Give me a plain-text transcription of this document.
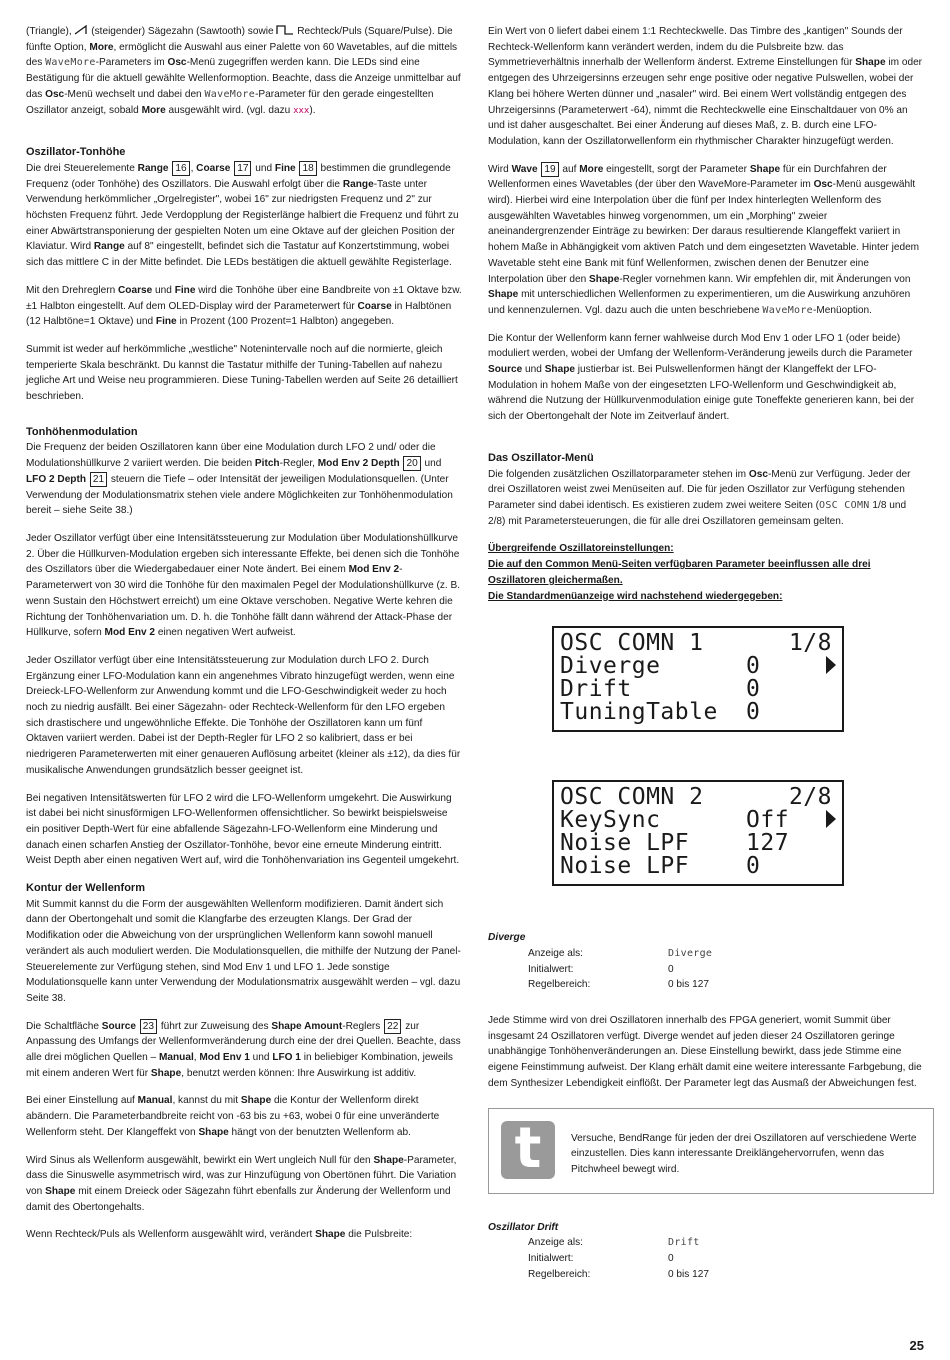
(Triangle),  (steigender) Sägezahn (Sawtooth) sowie  Rechteck/Puls (Square/Pulse). Die fünfte Option, More, ermöglicht die Auswahl aus einer Palette von 60 Wavetables, auf die mittels des WaveMore-Parameters im Osc-Menü zugegriffen werden kann. Die LEDs sind eine Bestätigung für die aktuell gewählte Wellenformoption. Beachte, dass die Anzeige unmittelbar auf das Osc-Menü wechselt und dabei den WaveMore-Parameter für den gerade eingestellten Oszillator anzeigt, sobald More ausgewählt wird. (vgl. dazu xxx).

Oszillator-Tonhöhe

Die drei Steuerelemente Range 16 , Coarse 17 und Fine 18 bestimmen die grundlegende Frequenz (oder Tonhöhe) des Oszillators. Die Auswahl erfolgt über die Range-Taste unter Verwendung herkömmlicher „Orgelregister", wobei 16" zur niedrigsten Frequenz und 2" zur höchsten Frequenz führt. Jede Verdopplung der Registerlänge halbiert die Frequenz und führt zu einer Abwärtstransponierung der gespielten Noten um eine Oktave auf der gleichen Position der Klaviatur. Wird Range auf 8" eingestellt, befindet sich die Tastatur auf Konzertstimmung, wobei sich das mittlere C in der Mitte befindet. Die LEDs bestätigen die aktuell gewählte Registerlage.

Mit den Drehreglern Coarse und Fine wird die Tonhöhe über eine Bandbreite von ±1 Oktave bzw. ±1 Halbton eingestellt. Auf dem OLED-Display wird der Parameterwert für Coarse in Halbtönen (12 Halbtöne=1 Oktave) und Fine in Prozent (100 Prozent=1 Halbton) angegeben.

Summit ist weder auf herkömmliche „westliche" Notenintervalle noch auf die normierte, gleich temperierte Skala beschränkt. Du kannst die Tastatur mithilfe der Tuning-Tabellen auf nahezu jegliche Art und Weise neu programmieren. Diese Tuning-Tabellen werden auf Seite 26 detailliert beschrieben.

Tonhöhenmodulation

Die Frequenz der beiden Oszillatoren kann über eine Modulation durch LFO 2 und/ oder die Modulationshüllkurve 2 variiert werden. Die beiden Pitch-Regler, Mod Env 2 Depth 20 und LFO 2 Depth 21 steuern die Tiefe – oder Intensität der jeweiligen Modulationsquellen. (Unter Verwendung der Modulationsmatrix stehen viele andere Möglichkeiten zur Tonhöhenmodulation bereit – siehe Seite 38.)

Jeder Oszillator verfügt über eine Intensitätssteuerung zur Modulation über Modulationshüllkurve 2. Über die Hüllkurven-Modulation ergeben sich interessante Effekte, bei denen sich die Tonhöhe des Oszillators über die Wiedergabedauer einer Note ändert. Bei einem Mod Env 2-Parameterwert von 30 wird die Tonhöhe für den maximalen Pegel der Modulationshüllkurve (z. B. wenn Sustain den Höchstwert erreicht) um eine Oktave verschoben. Negative Werte kehren die Richtung der Tonhöhenvariation um. D. h. die Tonhöhe fällt dann während der Attack-Phase der Hüllkurve, sofern Mod Env 2 einen negativen Wert aufweist.

Jeder Oszillator verfügt über eine Intensitätssteuerung zur Modulation durch LFO 2. Durch Ergänzung einer LFO-Modulation kann ein angenehmes Vibrato hinzugefügt werden, wenn eine Dreieck-LFO-Wellenform zur Anwendung kommt und die LFO-Geschwindigkeit weder zu hoch noch zu niedrig ausfällt. Bei einer Sägezahn- oder Rechteck-Wellenform für den LFO ergeben sich drastischere und ungewöhnliche Effekte. Die Tonhöhe der Oszillatoren kann um fünf Oktaven variiert werden. Dabei ist der Depth-Regler für LFO 2 so kalibriert, dass er bei niedrigeren Parameterwerten mit einer genaueren Auflösung arbeitet (kleiner als ±12), da dies für musikalische Anwendungen grundsätzlich besser geeignet ist.

Bei negativen Intensitätswerten für LFO 2 wird die LFO-Wellenform umgekehrt. Die Auswirkung ist dabei bei nicht sinusförmigen LFO-Wellenformen offensichtlicher. So bewirkt beispielsweise ein positiver Depth-Wert für eine abfallende Sägezahn-LFO-Wellenform eine Minderung und danach einen scharfen Anstieg der Oszillator-Tonhöhe, bevor eine erneute Minderung eintritt. Weist Depth aber einen negativen Wert auf, wird die Tonhöhenvariation ins Gegenteil umgekehrt.

Kontur der Wellenform

Mit Summit kannst du die Form der ausgewählten Wellenform modifizieren. Damit ändert sich dann der Obertongehalt und somit die Klangfarbe des erzeugten Klangs. Der Grad der Modifikation oder die Abweichung von der ursprünglichen Wellenform kann sowohl manuell verändert als auch moduliert werden. Die Modulationsquellen, die mithilfe der Nutzung der Panel-Steuerelemente zur Verfügung stehen, sind Mod Env 1 und LFO 1. Jede sonstige Modulationsquelle kann unter Verwendung der Modulationsmatrix ausgewählt werden – vgl. dazu Seite 38.

Die Schaltfläche Source 23 führt zur Zuweisung des Shape Amount-Reglers 22 zur Anpassung des Umfangs der Wellenformveränderung durch eine der drei Quellen. Beachte, dass alle drei möglichen Quellen – Manual, Mod Env 1 und LFO 1 in beliebiger Kombination, jeweils mit einem anderen Wert für Shape, benutzt werden können: Ihre Auswirkung ist additiv.

Bei einer Einstellung auf Manual, kannst du mit Shape die Kontur der Wellenform direkt abändern. Die Parameterbandbreite reicht von -63 bis zu +63, wobei 0 für eine unveränderte Wellenform steht. Der Klangeffekt von Shape hängt von der benutzten Wellenform ab.

Wird Sinus als Wellenform ausgewählt, bewirkt ein Wert ungleich Null für den Shape-Parameter, dass die Sinuswelle asymmetrisch wird, was zur Hinzufügung von Obertönen führt. Die Variation von Shape mit einem Dreieck oder Sägezahn führt ebenfalls zur Änderung der Wellenform und damit des Obertongehalts.

Wenn Rechteck/Puls als Wellenform ausgewählt wird, verändert Shape die Pulsbreite:

Ein Wert von 0 liefert dabei einem 1:1 Rechteckwelle. Das Timbre des „kantigen" Sounds der Rechteck-Wellenform kann verändert werden, indem du die Pulsbreite bzw. das Symmetrieverhältnis innerhalb der Wellenform änderst. Extreme Einstellungen für Shape im oder entgegen des Uhrzeigersinns erzeugen sehr enge positive oder negative Pulswellen, wobei der Klang bei höhere Werten dünner und „nasaler" wird. Bei einem Wert vollständig entgegen des Uhrzeigersinns (Parameterwert -64), nimmt die Rechteckwelle eine Einschaltdauer von 0% an und ist daher ausgeschaltet. Bei einer Änderung auf dieses Maß, z. B. durch eine LFO-Modulation, kann der Oszillatorwellenform ein rhythmischer Charakter hinzugefügt werden.

Wird Wave 19 auf More eingestellt, sorgt der Parameter Shape für ein Durchfahren der Wellenformen eines Wavetables (der über den WaveMore-Parameter im Osc-Menü ausgewählt wird). Hierbei wird eine Interpolation über die fünf per Index hinterlegten Wellenform des ausgewählten Wavetables hinweg vorgenommen, um ein „Morphing" zweier aneinandergrenzender Einträge zu bewirken: Der daraus resultierende Klangeffekt variiert in hohem Maße in Abhängigkeit vom aktiven Patch und dem eingesetzten Wavetable. Hinter jedem Wavetable steht eine Bank mit fünf Wellenformen, zwischen denen der Benutzer eine Interpolation über den Shape-Regler vornehmen kann. Wir empfehlen dir, mit Änderungen von Shape mit unterschiedlichen Wellenformen zu experimentieren, um die Auswirkung anzuhören und kennenzulernen. Vgl. dazu auch die unten beschriebene WaveMore-Menüoption.

Die Kontur der Wellenform kann ferner wahlweise durch Mod Env 1 oder LFO 1 (oder beide) moduliert werden, wobei der Umfang der Wellenform-Veränderung jeweils durch die Parameter Source und Shape justierbar ist. Bei Pulswellenformen hängt der Klangeffekt der LFO-Modulation in hohem Maße von der eingesetzten LFO-Wellenform und Geschwindigkeit ab, während die Nutzung der Hüllkurvenmodulation einige gute Toneffekte generieren kann, bei der sich der Obertongehalt der Note im Zeitverlauf ändert.

Das Oszillator-Menü

Die folgenden zusätzlichen Oszillatorparameter stehen im Osc-Menü zur Verfügung. Jeder der drei Oszillatoren weist zwei Menüseiten auf. Die für jeden Oszillator zur Verfügung stehenden Parameter sind dabei identisch. Es existieren zudem zwei weitere Seiten (OSC COMN 1/8 und 2/8) mit Parametersteuerungen, die für alle drei Oszillatoren gemeinsam gelten.

Übergreifende Oszillatoreinstellungen:
Die auf den Common Menü-Seiten verfügbaren Parameter beeinflussen alle drei Oszillatoren gleichermaßen.
Die Standardmenüanzeige wird nachstehend wiedergegeben:
OSC COMN 1	1/8
Diverge	0
Drift	0
TuningTable 0
OSC COMN 2	2/8
KeySync	Off
Noise LPF 127
Noise LPF 0
Diverge
Anzeige als:	Diverge
Initialwert:	0
Regelbereich:	0 bis 127

Jede Stimme wird von drei Oszillatoren innerhalb des FPGA generiert, womit Summit über insgesamt 24 Oszillatoren verfügt. Diverge wendet auf jeden dieser 24 Oszillatoren geringe unabhängige Tonhöhenveränderungen an. Diese Einstellung bewirkt, dass jede Stimme eine eigene Feinstimmung aufweist. Der Klang erhält damit eine weitere interessante Farbgebung, die dem Synthesizer Lebendigkeit einflößt. Der Parameter legt das Ausmaß der Abweichungen fest.

t	Versuche, BendRange für jeden der drei Oszillatoren auf verschiedene Werte einzustellen. Dies kann interessante Dreiklängehervorrufen, wenn das Pitchwheel bewegt wird.
Oszillator Drift
Anzeige als:	Drift
Initialwert:	0
Regelbereich:	0 bis 127
25
